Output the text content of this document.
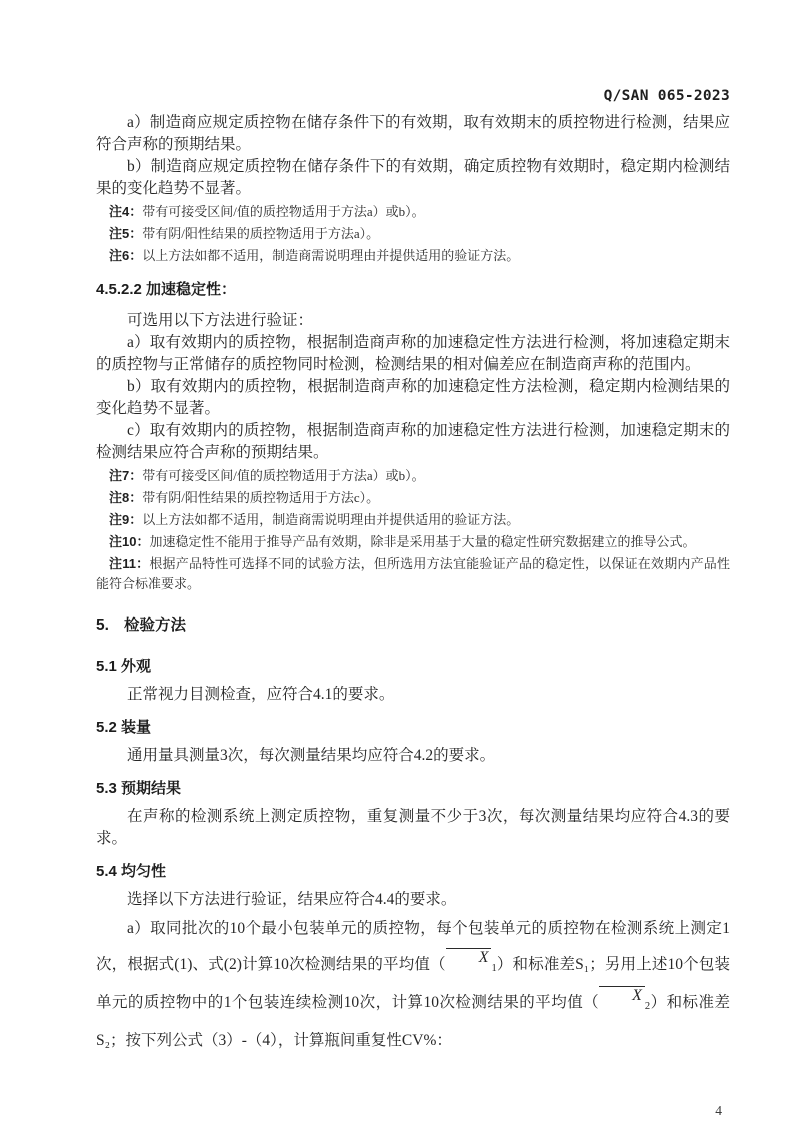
Q/SAN 065-2023

a）制造商应规定质控物在储存条件下的有效期，取有效期末的质控物进行检测，结果应符合声称的预期结果。

b）制造商应规定质控物在储存条件下的有效期，确定质控物有效期时，稳定期内检测结果的变化趋势不显著。

注4：带有可接受区间/值的质控物适用于方法a）或b）。

注5：带有阴/阳性结果的质控物适用于方法a）。

注6：以上方法如都不适用，制造商需说明理由并提供适用的验证方法。

4.5.2.2 加速稳定性：

可选用以下方法进行验证：

a）取有效期内的质控物，根据制造商声称的加速稳定性方法进行检测，将加速稳定期末的质控物与正常储存的质控物同时检测，检测结果的相对偏差应在制造商声称的范围内。

b）取有效期内的质控物，根据制造商声称的加速稳定性方法检测，稳定期内检测结果的变化趋势不显著。

c）取有效期内的质控物，根据制造商声称的加速稳定性方法进行检测，加速稳定期末的检测结果应符合声称的预期结果。

注7：带有可接受区间/值的质控物适用于方法a）或b）。

注8：带有阴/阳性结果的质控物适用于方法c）。

注9：以上方法如都不适用，制造商需说明理由并提供适用的验证方法。

注10：加速稳定性不能用于推导产品有效期，除非是采用基于大量的稳定性研究数据建立的推导公式。

注11：根据产品特性可选择不同的试验方法，但所选用方法宜能验证产品的稳定性，以保证在效期内产品性能符合标准要求。

5. 检验方法
5.1 外观

正常视力目测检查，应符合4.1的要求。

5.2 装量

通用量具测量3次，每次测量结果均应符合4.2的要求。

5.3 预期结果

在声称的检测系统上测定质控物，重复测量不少于3次，每次测量结果均应符合4.3的要求。

5.4 均匀性

选择以下方法进行验证，结果应符合4.4的要求。

a）取同批次的10个最小包装单元的质控物，每个包装单元的质控物在检测系统上测定1次，根据式(1)、式(2)计算10次检测结果的平均值（ X1）和标准差S₁；另用上述10个包装单元的质控物中的1个包装连续检测10次，计算10次检测结果的平均值（ X2）和标准差S₂；按下列公式（3）-（4），计算瓶间重复性CV%：

4
